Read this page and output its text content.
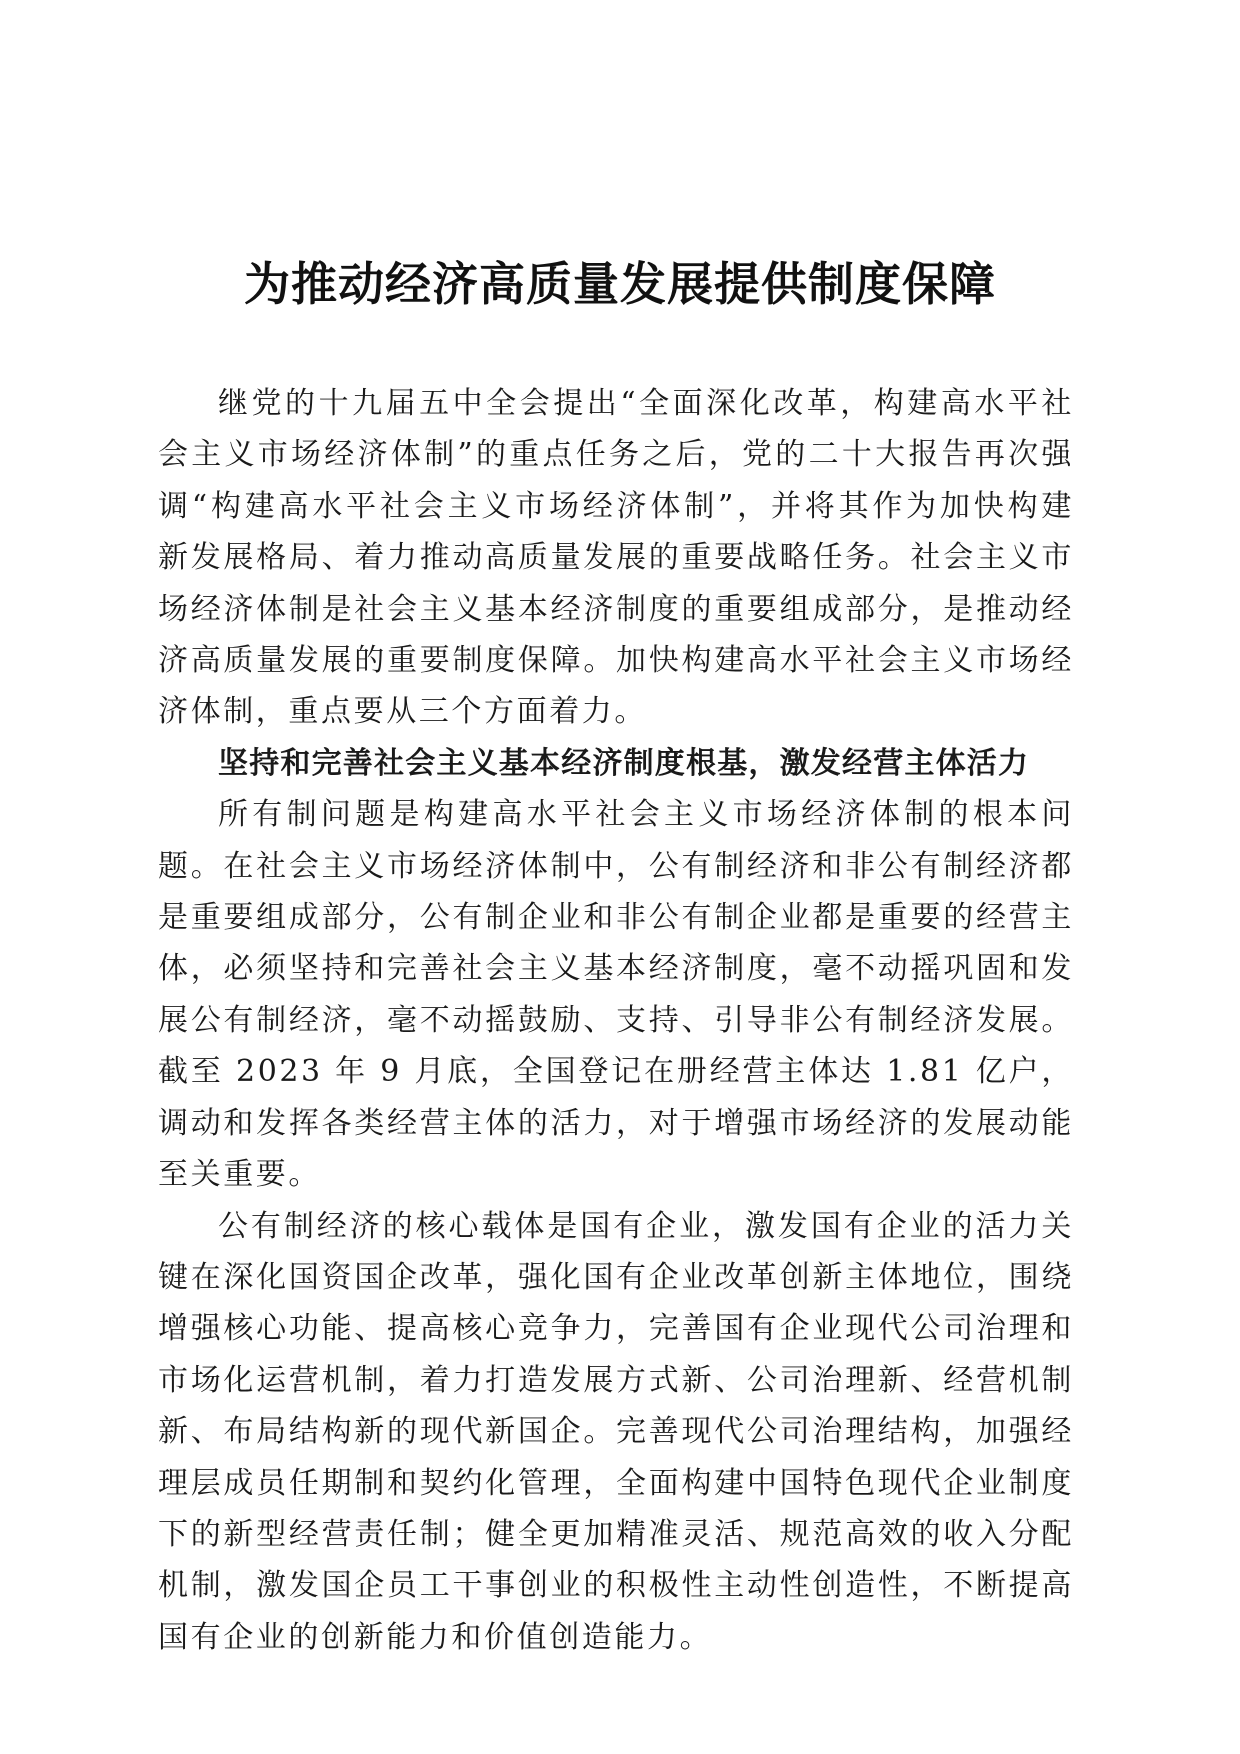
为推动经济高质量发展提供制度保障

继党的十九届五中全会提出“全面深化改革，构建高水平社会主义市场经济体制”的重点任务之后，党的二十大报告再次强调“构建高水平社会主义市场经济体制”，并将其作为加快构建新发展格局、着力推动高质量发展的重要战略任务。社会主义市场经济体制是社会主义基本经济制度的重要组成部分，是推动经济高质量发展的重要制度保障。加快构建高水平社会主义市场经济体制，重点要从三个方面着力。

坚持和完善社会主义基本经济制度根基，激发经营主体活力

所有制问题是构建高水平社会主义市场经济体制的根本问题。在社会主义市场经济体制中，公有制经济和非公有制经济都是重要组成部分，公有制企业和非公有制企业都是重要的经营主体，必须坚持和完善社会主义基本经济制度，毫不动摇巩固和发展公有制经济，毫不动摇鼓励、支持、引导非公有制经济发展。截至 2023 年 9 月底，全国登记在册经营主体达 1.81 亿户，调动和发挥各类经营主体的活力，对于增强市场经济的发展动能至关重要。

公有制经济的核心载体是国有企业，激发国有企业的活力关键在深化国资国企改革，强化国有企业改革创新主体地位，围绕增强核心功能、提高核心竞争力，完善国有企业现代公司治理和市场化运营机制，着力打造发展方式新、公司治理新、经营机制新、布局结构新的现代新国企。完善现代公司治理结构，加强经理层成员任期制和契约化管理，全面构建中国特色现代企业制度下的新型经营责任制；健全更加精准灵活、规范高效的收入分配机制，激发国企员工干事创业的积极性主动性创造性，不断提高国有企业的创新能力和价值创造能力。
